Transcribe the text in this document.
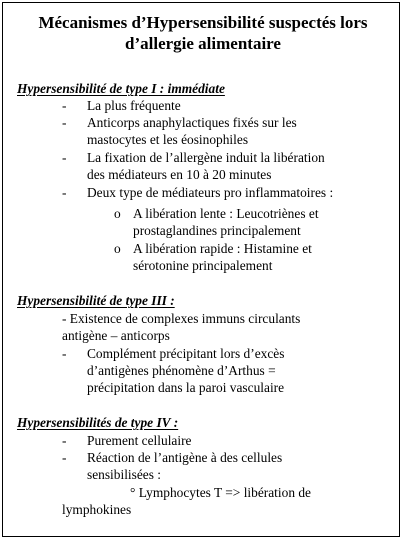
Mécanismes d’Hypersensibilité suspectés lors
d’allergie alimentaire
Hypersensibilité de type I : immédiate
- La plus fréquente
- Anticorps anaphylactiques fixés sur les
mastocytes et les éosinophiles
- La fixation de l’allergène induit la libération
des médiateurs en 10 à 20 minutes
- Deux type de médiateurs pro inflammatoires :
o A libération lente : Leucotriènes et
prostaglandines principalement
o A libération rapide : Histamine et
sérotonine principalement
Hypersensibilité de type III :
- Existence de complexes immuns circulants
antigène – anticorps
- Complément précipitant lors d’excès
d’antigènes phénomène d’Arthus =
précipitation dans la paroi vasculaire
Hypersensibilités de type IV :
- Purement cellulaire
- Réaction de l’antigène à des cellules
sensibilisées :
° Lymphocytes T => libération de
lymphokines
